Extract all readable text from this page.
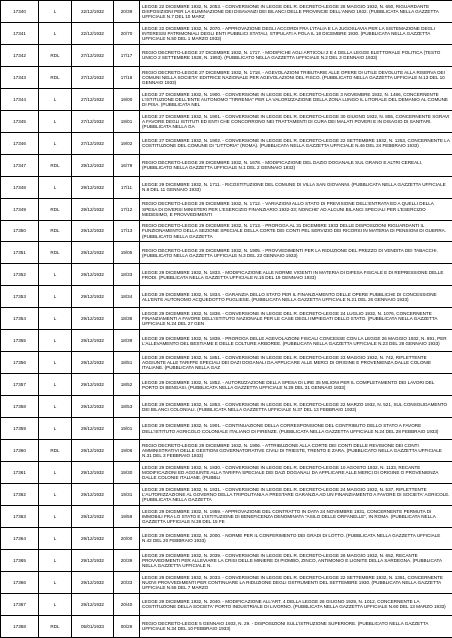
17340	L	22/12/1932	20/39	LEGGE 22 DICEMBRE 1932, N. 2053. - CONVERSIONE IN LEGGE DEL R. DECRETO-LEGGE 28 MAGGIO 1932, N. 650, RIGUARDANTE DISPOSIZIONI PER LA ELIMINAZIONE DEI DISAVANZI DEI BILANCI DELLE PROVINCIE DELL'ANNO 1932. (PUBBLICATA NELLA GAZZETTA UFFICIALE N.7 DEL 10 MARZ
17341	L	22/12/1932	20/70	LEGGE 22 DICEMBRE 1932, N. 2070. - APPROVAZIONE DEGLI ACCORDI FRA L'ITALIA E LA JUGOSLAVIA PER LA SISTEMAZIONE DEGLI INTERESSI PATRIMONIALI DEGLI ENTI PUBBLICI STATALI, STIPULATI A POLA IL 18 DICEMBRE 1930. (PUBBLICATA NELLA GAZZETTA UFFICIALE N.50 DEL 1 MARZO 1933)
17342	RDL	27/12/1932	17/17	REGIO DECRETO-LEGGE 27 DICEMBRE 1932, N. 1717. - MODIFICHE AGLI ARTICOLI 2 E 4 DELLA LEGGE ELETTORALE POLITICA (TESTO UNICO 2 SETTEMBRE 1928, N. 1993). (PUBBLICATO NELLA GAZZETTA UFFICIALE N.2 DEL 3 GENNAIO 1933)
17343	RDL	27/12/1932	17/18	REGIO DECRETO-LEGGE 27 DICEMBRE 1932, N. 1718. - AGEVOLAZIONI TRIBUTARIE ALLE OPERE DI UTILE DEVOLUTE ALLA RISERVA DEI COMUNI NELLA SOCIETA' EDITRICE NAZIONALE PER AGEVOLAZIONI DEL FISCO. (PUBBLICATO NELLA GAZZETTA UFFICIALE N.13 DEL 10 GENNAIO 1933)
17344	L	27/12/1932	19/00	LEGGE 27 DICEMBRE 1932, N. 1900. - CONVERSIONE IN LEGGE DEL R. DECRETO-LEGGE 3 NOVEMBRE 1932, N. 1486, CONCERNENTE L'ISTITUZIONE DELL'ENTE AUTONOMO "TIRRENIA" PER LA VALORIZZAZIONE DELLA ZONA LUNGO IL LITORALE DEL DEMANIO AL COMUNE DI PISA. (PUBBLICATA NEL
17345	L	27/12/1932	19/01	LEGGE 27 DICEMBRE 1932, N. 1901. - CONVERSIONE IN LEGGE DEL R. DECRETO-LEGGE 30 GIUGNO 1932, N. 855, CONCERNENTE SGRAVI A FAVORE DEGLI ISTITUTI ED ENTI CHE CONCORRONO NEI TRATTAMENTI DI CURA DEI MALATI POVERI E IN DISAGIO DI SANITARI. (PUBBLICATA NELLA GA
17346	L	27/12/1932	19/02	LEGGE 27 DICEMBRE 1932, N. 1902. - CONVERSIONE IN LEGGE DEL R. DECRETO-LEGGE 22 SETTEMBRE 1932, N. 1253, CONCERNENTE LA COSTITUZIONE DEL COMUNE DI "LITTORIA" (ROMA). (PUBBLICATA NELLA GAZZETTA UFFICIALE N.46 DEL 24 FEBBRAIO 1933)
17347	RDL	29/12/1932	16/78	REGIO DECRETO-LEGGE 29 DICEMBRE 1932, N. 1678. - MODIFICAZIONE DEL DAZIO DOGANALE SUL GRANO E ALTRI CEREALI. (PUBBLICATO NELLA GAZZETTA UFFICIALE N.1 DEL 2 GENNAIO 1933)
17348	L	29/12/1932	17/11	LEGGE 29 DICEMBRE 1932, N. 1711. - RICOSTITUZIONE DEL COMUNE DI VILLA SAN GIOVANNI. (PUBBLICATA NELLA GAZZETTA UFFICIALE N.8 DEL 11 GENNAIO 1933)
17349	RDL	29/12/1932	17/12	REGIO DECRETO-LEGGE 29 DICEMBRE 1932, N. 1712. - VARIAZIONI ALLO STATO DI PREVISIONE DELL'ENTRATA ED A QUELLI DELLA SPESA DI DIVERSI MINISTERI PER L'ESERCIZIO FINANZIARIO 1932-33; NONCHE' AD ALCUNI BILANCI SPECIALI PER L'ESERCIZIO MEDESIMO, E PROVVEDIMENTI
17350	RDL	29/12/1932	17/13	REGIO DECRETO-LEGGE 29 DICEMBRE 1932, N. 1713. - PROROGA AL 31 DICEMBRE 1933 DELLE DISPOSIZIONI RIGUARDANTI IL FUNZIONAMENTO DELLA SEZIONE SPECIALE DELLA CORTE DEI CONTI PEL SERVIZIO DEI RICORSI IN MATERIA DI PENSIONI DI GUERRA. (PUBBLICATO NELLA GAZZETTA
17351	RDL	29/12/1932	19/05	REGIO DECRETO-LEGGE 29 DICEMBRE 1932, N. 1905. - PROVVEDIMENTI PER LA RIDUZIONE DEL PREZZO DI VENDITA DEI TABACCHI. (PUBBLICATO NELLA GAZZETTA UFFICIALE N.3 DEL 23 GENNAIO 1933)
17352	L	29/12/1932	18/33	LEGGE 29 DICEMBRE 1932, N. 1833. - MODIFICAZIONE ALLE NORME VIGENTI IN MATERIA DI DIFESA FISCALE E DI REPRESSIONE DELLE FRODI. (PUBBLICATA NELLA GAZZETTA UFFICIALE N.15 DEL 19 GENNAIO 1933)
17353	L	29/12/1932	18/34	LEGGE 29 DICEMBRE 1932, N. 1834. - GARANZIA DELLO STATO PER IL FINANZIAMENTO DELLE OPERE PUBBLICHE DI CONCESSIONE ALL'ENTE AUTONOMO ACQUEDOTTO PUGLIESE. (PUBBLICATA NELLA GAZZETTA UFFICIALE N.21 DEL 26 GENNAIO 1933)
17354	L	29/12/1932	18/38	LEGGE 29 DICEMBRE 1932, N. 1838. - CONVERSIONE IN LEGGE DEL R. DECRETO-LEGGE 24 LUGLIO 1932, N. 1076, CONCERNENTE FINANZIAMENTI A FAVORE DELL'ISTITUTO NAZIONALE PER LE CASE DEGLI IMPIEGATI DELLO STATO. (PUBBLICATA NELLA GAZZETTA UFFICIALE N.24 DEL 27 GEN
17355	L	29/12/1932	18/39	LEGGE 29 DICEMBRE 1932, N. 1839. - PROROGA DELLE AGEVOLAZIONI FISCALI CONCESSE CON LA LEGGE 26 MAGGIO 1932, N. 891, PER L'ALLEVAMENTO DEL BESTIAME E DELLE COLTURE ARBOREE. (PUBBLICATA NELLA GAZZETTA UFFICIALE N.23 DEL 28 GENNAIO 1933)
17356	L	29/12/1932	18/51	LEGGE 29 DICEMBRE 1932, N. 1851. - CONVERSIONE IN LEGGE DEL R. DECRETO-LEGGE 23 MAGGIO 1932, N. 742, RIFLETTENTE AGGIUNTE ALLE TARIFFE SPECIALI DEI DAZI DOGANALI DA APPLICARE ALLE MERCI DI ORIGINE E PROVENIENZA DALLE COLONIE ITALIANE. (PUBBLICATA NELLA GAZ
17357	L	29/12/1932	18/52	LEGGE 29 DICEMBRE 1932, N. 1852. - AUTORIZZAZIONE DELLA SPESA DI LIRE 35 MILIONI PER IL COMPLETAMENTO DEI LAVORI DEL PORTO DI BENGASI. (PUBBLICATA NELLA GAZZETTA UFFICIALE N.29 DEL 31 GENNAIO 1933)
17358	L	29/12/1932	18/53	LEGGE 29 DICEMBRE 1932, N. 1853. - CONVERSIONE IN LEGGE DEL R. DECRETO-LEGGE 22 MARZO 1932, N. 521, SUL CONSOLIDAMENTO DEI BILANCI COLONIALI. (PUBBLICATA NELLA GAZZETTA UFFICIALE N.37 DEL 13 FEBBRAIO 1933)
17359	L	29/12/1932	19/01	LEGGE 29 DICEMBRE 1932, N. 1901. - CONTINUAZIONE DELLA CORRESPONSIONE DEL CONTRIBUTO DELLO STATO A FAVORE DELL'ISTITUTO AGRICOLO COLONIALE ITALIANO DI FIRENZE. (PUBBLICATA NELLA GAZZETTA UFFICIALE N.24 DEL 28 FEBBRAIO 1933)
17360	RDL	29/12/1932	19/06	REGIO DECRETO-LEGGE 29 DICEMBRE 1932, N. 1906. - ATTRIBUZIONE ALLA CORTE DEI CONTI DELLE REVISIONE DEI CONTI AMMINISTRATIVI DELLE GESTIONI GOVERNATORATIVE CIVILI DI TRIESTE, TRENTO E ZARA. (PUBBLICATO NELLA GAZZETTA UFFICIALE N.31 DEL 3 FEBBRAIO 1933)
17361	L	29/12/1932	19/30	LEGGE 29 DICEMBRE 1932, N. 1930. - CONVERSIONE IN LEGGE DEL R. DECRETO-LEGGE 10 AGOSTO 1932, N. 1133, RECANTE MODIFICAZIONI ED AGGIUNTE ALLA TARIFFA SPECIALE DEI DAZI DOGANALI DA APPLICARE ALLE MERCI DI ORIGINE O PROVENIENZA DALLE COLONIE ITALIANE. (PUBBLI
17362	L	29/12/1932	19/31	LEGGE 29 DICEMBRE 1932, N. 1931. - CONVERSIONE IN LEGGE DEL R. DECRETO-LEGGE 24 MAGGIO 1932, N. 537, RIFLETTENTE L'AUTORIZZAZIONE AL GOVERNO DELLA TRIPOLITANIA A PRESTARE GARANZIA AD UN FINANZIAMENTO A FAVORE DI SOCIETA' AGRICOLE. (PUBBLICATA NELLA GAZZETTA
17363	L	29/12/1932	19/59	LEGGE 29 DICEMBRE 1932, N. 1959. - APPROVAZIONE DEL CONTRATTO IN DATA 24 NOVEMBRE 1931, CONCERNENTE PERMUTA DI IMMOBILI FRA LO STATO E L'ISTITUZIONE DI BENEFICENZA DENOMINATA "ASILO DELLE ORFANELLE", IN ROMA. (PUBBLICATA NELLA GAZZETTA UFFICIALE N.38 DEL 15 FE
17364	L	29/12/1932	20/00	LEGGE 29 DICEMBRE 1932, N. 2000. - NORME PER IL CONFERIMENTO DEI GRADI DI LOTTO. (PUBBLICATA NELLA GAZZETTA UFFICIALE N.42 DEL 20 FEBBRAIO 1933)
17365	L	29/12/1932	20/39	LEGGE 29 DICEMBRE 1932, N. 2039. - CONVERSIONE IN LEGGE DEL R. DECRETO-LEGGE 26 MAGGIO 1932, N. 652, RECANTE PROVVEDIMENTI PER ALLEVIARE LA CRISI DELLE MINIERE DI PIOMBO, ZINCO, ANTIMONIO E LIGNITE DELLA SARDEGNA. (PUBBLICATA NELLA GAZZETTA UFFICIALE N.
17366	L	29/12/1932	20/33	LEGGE 29 DICEMBRE 1932, N. 2033. - CONVERSIONE IN LEGGE DEL R. DECRETO-LEGGE 22 SETTEMBRE 1932, N. 1361, CONCERNENTE NUOVI PROVVEDIMENTI PER CONTINUARE LA RIDUZIONE DEGLI OSTRUMENTI DEL SETTEMBRE 1930. (PUBBLICATA NELLA GAZZETTA UFFICIALE N.55 DEL 7 MARZO
17367	L	29/12/1932	20/40	LEGGE 29 DICEMBRE 1932, N. 2040. - MODIFICAZIONE ALL'ART. 4 DELLA LEGGE 26 GIUGNO 1929, N. 1012, CONCERNENTE LA COSTITUZIONE DELLA SOCIETA' PORTO INDUSTRIALE DI LIVORNO. (PUBBLICATA NELLA GAZZETTA UFFICIALE N.60 DEL 13 MARZO 1933)
17368	RDL	05/01/1933	00/29	REGIO DECRETO-LEGGE 5 GENNAIO 1933, N. 29. - DISPOSIZIONI SULL'ISTRUZIONE SUPERIORE. (PUBBLICATO NELLA GAZZETTA UFFICIALE N.34 DEL 10 FEBBRAIO 1933)
